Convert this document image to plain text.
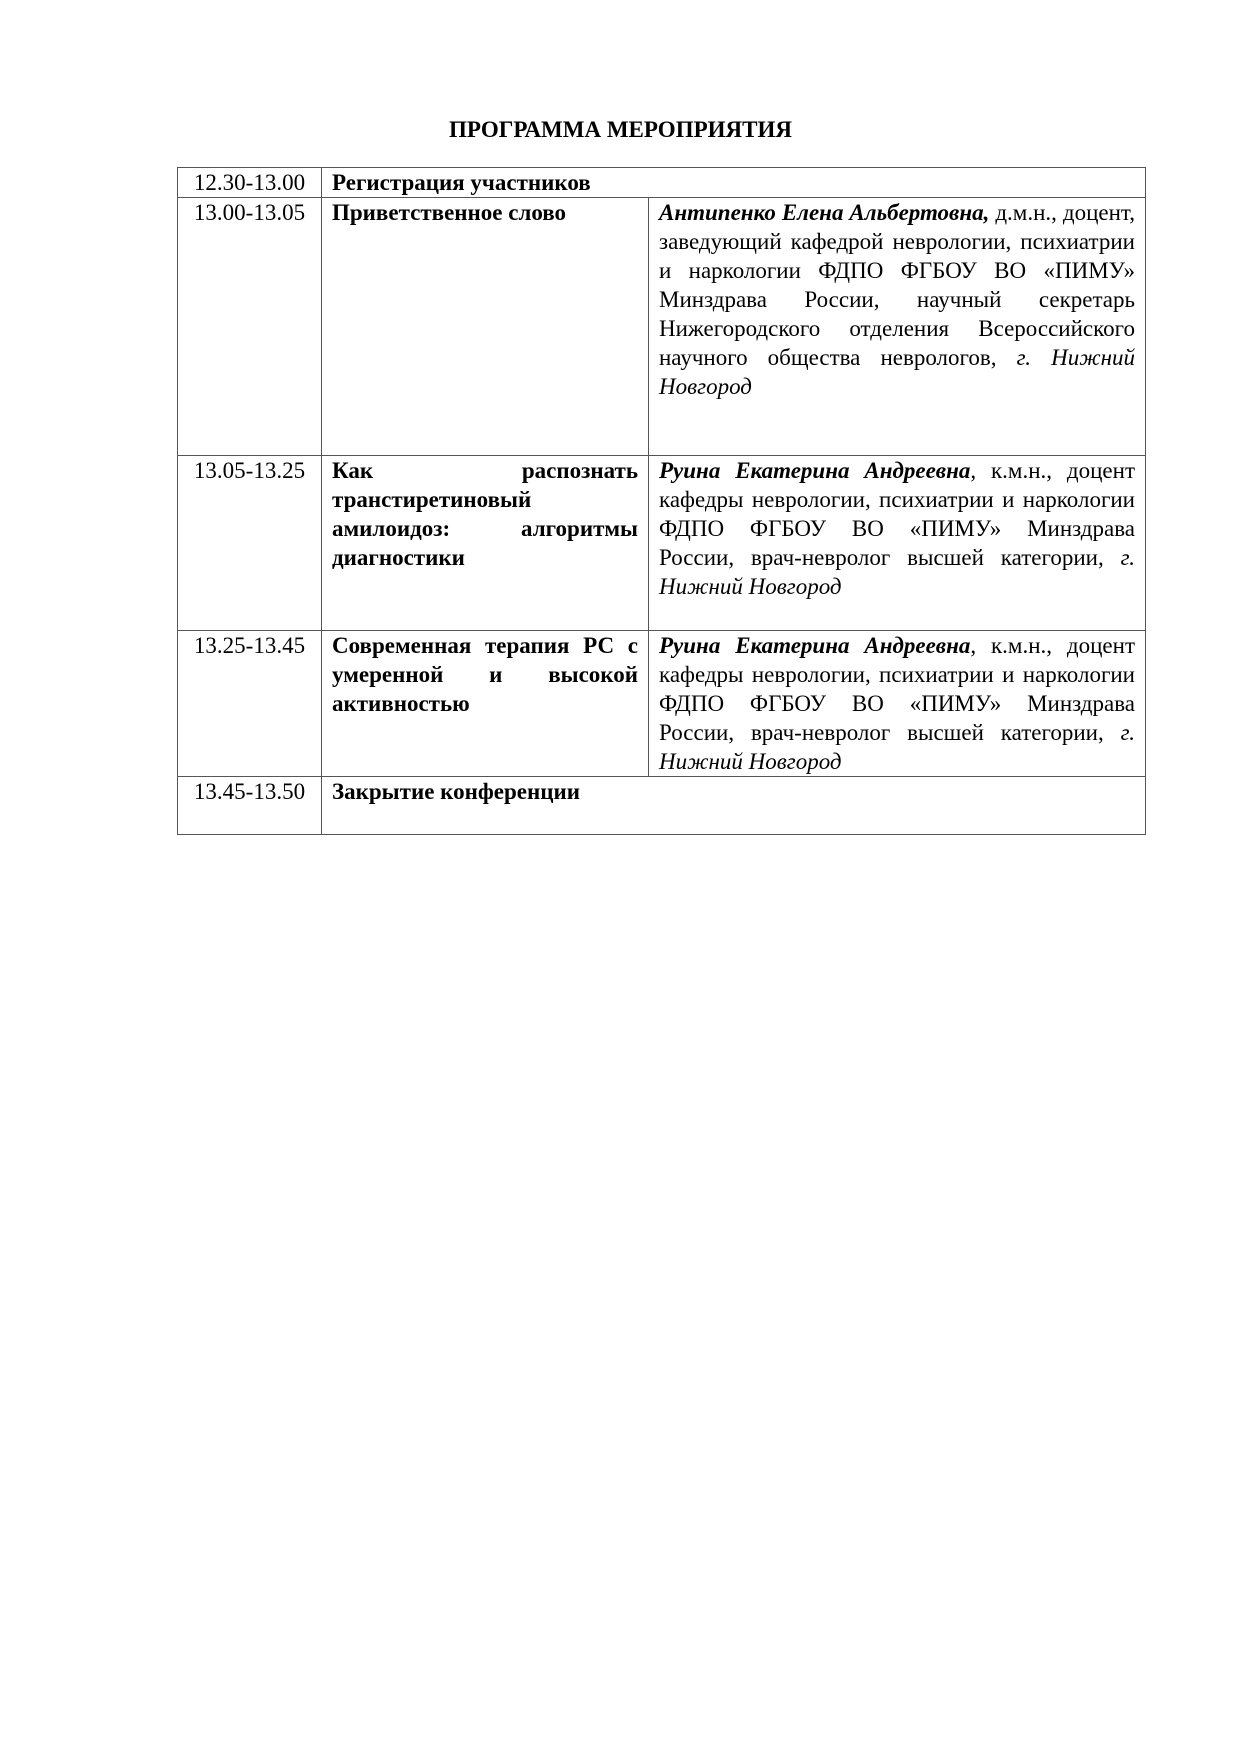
ПРОГРАММА МЕРОПРИЯТИЯ
12.30-13.00	Регистрация участников	
13.00-13.05	Приветственное слово	Антипенко Елена Альбертовна, д.м.н., доцент, заведующий кафедрой неврологии, психиатрии и наркологии ФДПО ФГБОУ ВО «ПИМУ» Минздрава России, научный секретарь Нижегородского отделения Всероссийского научного общества неврологов, г. Нижний Новгород
13.05-13.25	Как распознать транстиретиновый амилоидоз: алгоритмы диагностики	Руина Екатерина Андреевна, к.м.н., доцент кафедры неврологии, психиатрии и наркологии ФДПО ФГБОУ ВО «ПИМУ» Минздрава России, врач-невролог высшей категории, г. Нижний Новгород
13.25-13.45	Современная терапия РС с умеренной и высокой активностью	Руина Екатерина Андреевна, к.м.н., доцент кафедры неврологии, психиатрии и наркологии ФДПО ФГБОУ ВО «ПИМУ» Минздрава России, врач-невролог высшей категории, г. Нижний Новгород
13.45-13.50	Закрытие конференции	
